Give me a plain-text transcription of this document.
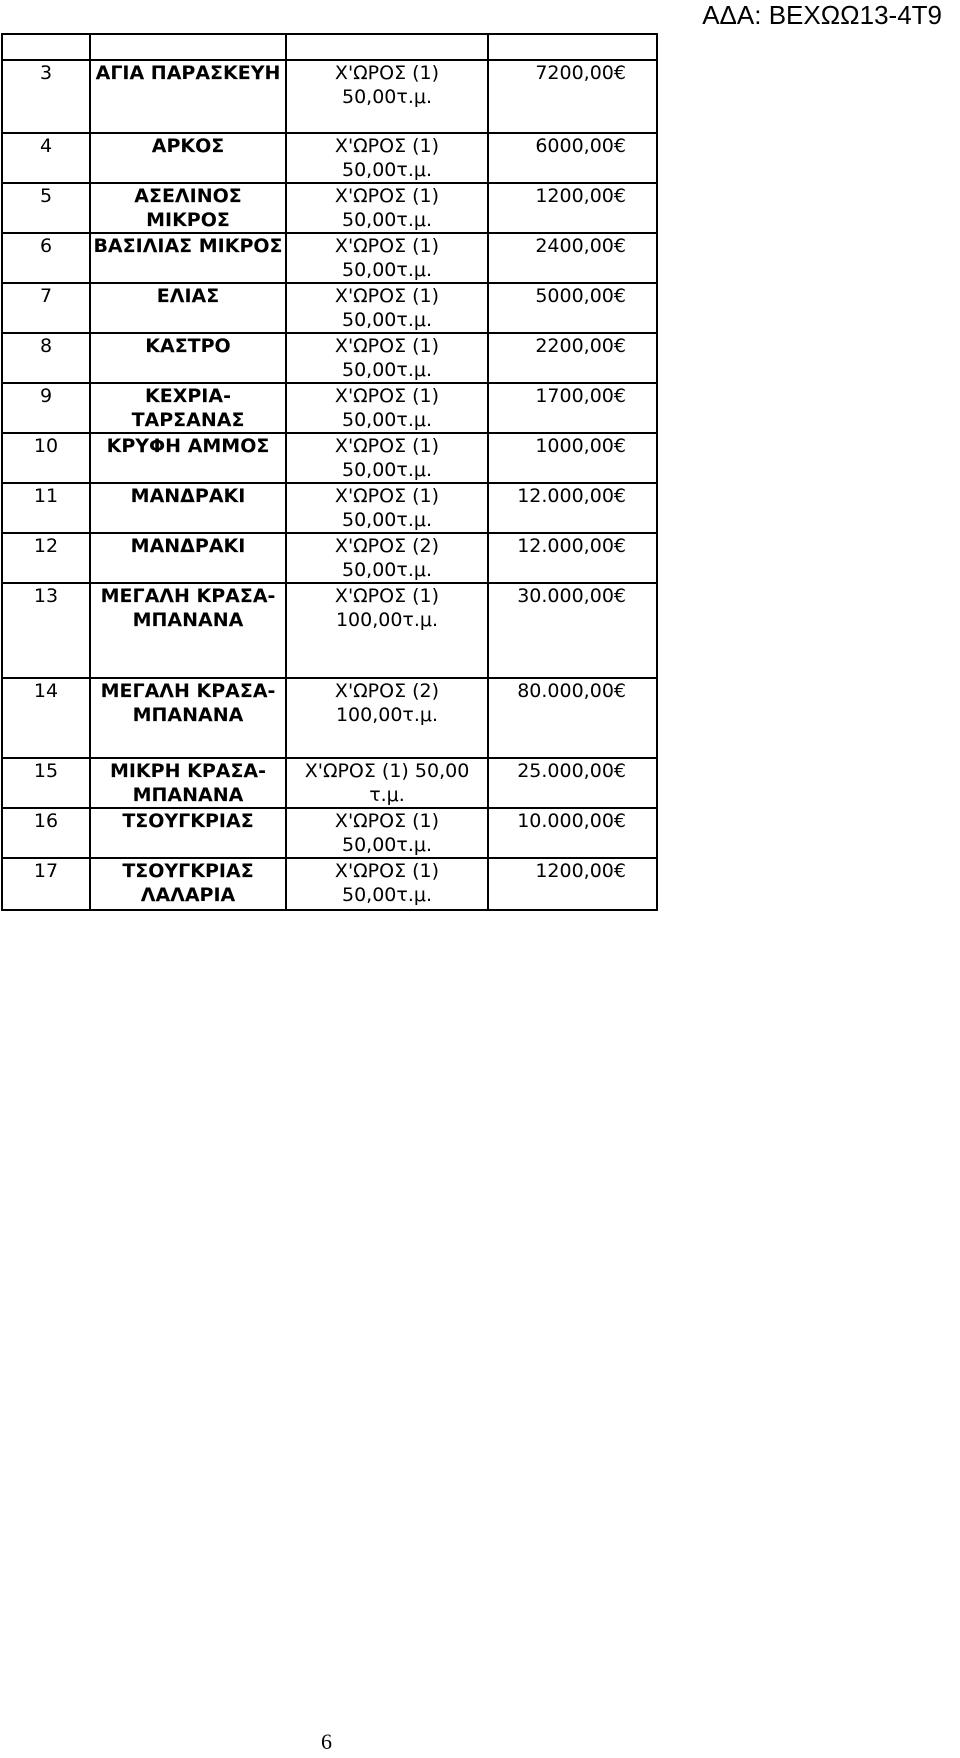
ΑΔΑ: ΒΕΧΩΩ13-4Τ9

3	ΑΓΙΑ ΠΑΡΑΣΚΕΥΗ	Χ'ΩΡΟΣ (1) 50,00τ.μ.	7200,00€
4	ΑΡΚΟΣ	Χ'ΩΡΟΣ (1) 50,00τ.μ.	6000,00€
5	ΑΣΕΛΙΝΟΣ ΜΙΚΡΟΣ	Χ'ΩΡΟΣ (1) 50,00τ.μ.	1200,00€
6	ΒΑΣΙΛΙΑΣ ΜΙΚΡΟΣ	Χ'ΩΡΟΣ (1) 50,00τ.μ.	2400,00€
7	ΕΛΙΑΣ	Χ'ΩΡΟΣ (1) 50,00τ.μ.	5000,00€
8	ΚΑΣΤΡΟ	Χ'ΩΡΟΣ (1) 50,00τ.μ.	2200,00€
9	ΚΕΧΡΙΑ-ΤΑΡΣΑΝΑΣ	Χ'ΩΡΟΣ (1) 50,00τ.μ.	1700,00€
10	ΚΡΥΦΗ ΑΜΜΟΣ	Χ'ΩΡΟΣ (1) 50,00τ.μ.	1000,00€
11	ΜΑΝΔΡΑΚΙ	Χ'ΩΡΟΣ (1) 50,00τ.μ.	12.000,00€
12	ΜΑΝΔΡΑΚΙ	Χ'ΩΡΟΣ (2) 50,00τ.μ.	12.000,00€
13	ΜΕΓΑΛΗ ΚΡΑΣΑ-ΜΠΑΝΑΝΑ	Χ'ΩΡΟΣ (1) 100,00τ.μ.	30.000,00€
14	ΜΕΓΑΛΗ ΚΡΑΣΑ-ΜΠΑΝΑΝΑ	Χ'ΩΡΟΣ (2) 100,00τ.μ.	80.000,00€
15	ΜΙΚΡΗ ΚΡΑΣΑ-ΜΠΑΝΑΝΑ	Χ'ΩΡΟΣ (1) 50,00 τ.μ.	25.000,00€
16	ΤΣΟΥΓΚΡΙΑΣ	Χ'ΩΡΟΣ (1) 50,00τ.μ.	10.000,00€
17	ΤΣΟΥΓΚΡΙΑΣ ΛΑΛΑΡΙΑ	Χ'ΩΡΟΣ (1) 50,00τ.μ.	1200,00€
6
